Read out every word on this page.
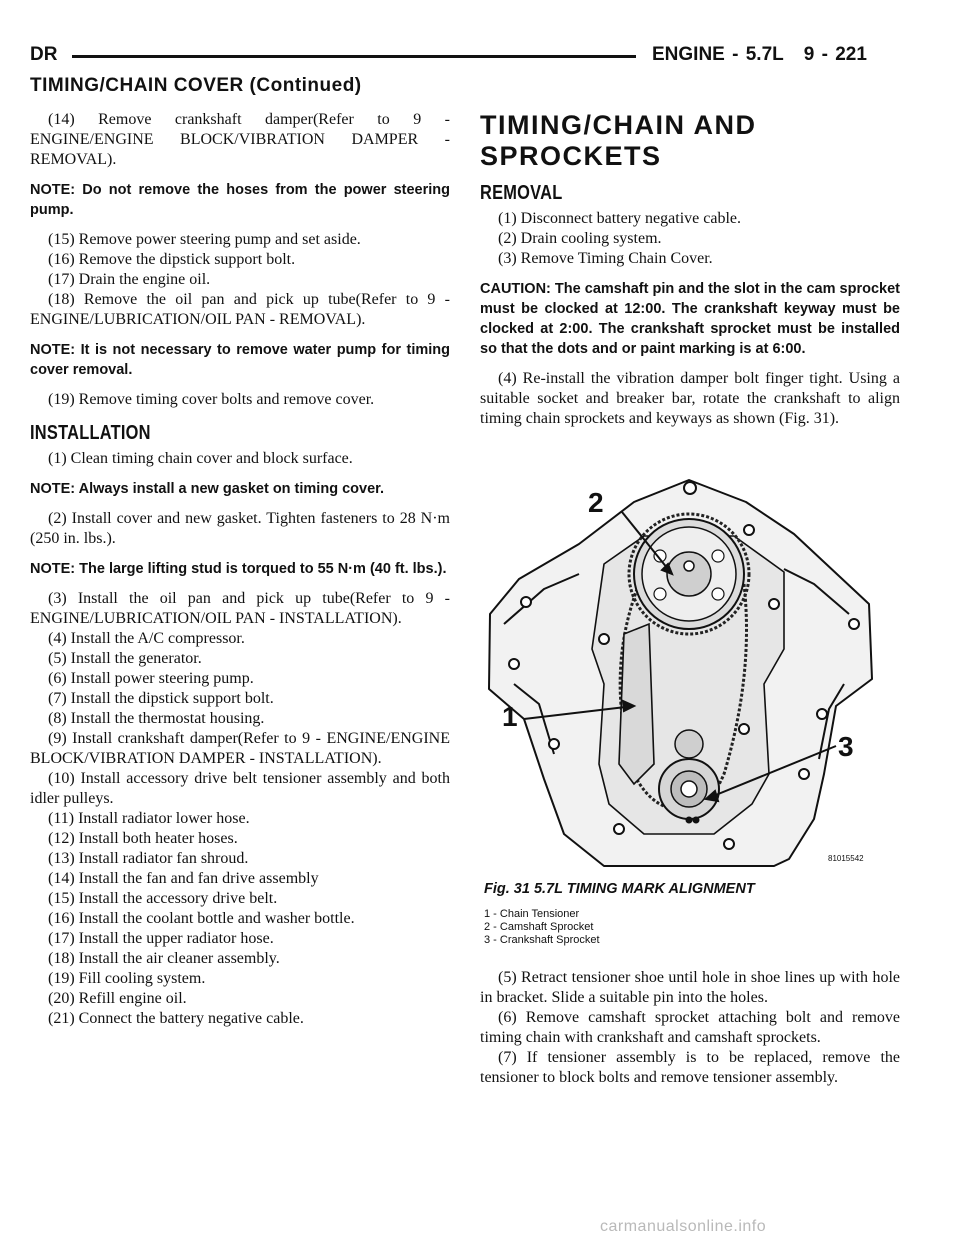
DR	ENGINE - 5.7L 9 - 221
TIMING/CHAIN COVER (Continued)

(14) Remove crankshaft damper(Refer to 9 - ENGINE/ENGINE BLOCK/VIBRATION DAMPER - REMOVAL).

NOTE: Do not remove the hoses from the power steering pump.

(15) Remove power steering pump and set aside.

(16) Remove the dipstick support bolt.

(17) Drain the engine oil.

(18) Remove the oil pan and pick up tube(Refer to 9 - ENGINE/LUBRICATION/OIL PAN - REMOVAL).

NOTE: It is not necessary to remove water pump for timing cover removal.

(19) Remove timing cover bolts and remove cover.

INSTALLATION

(1) Clean timing chain cover and block surface.

NOTE: Always install a new gasket on timing cover.

(2) Install cover and new gasket. Tighten fasteners to 28 N·m (250 in. lbs.).

NOTE: The large lifting stud is torqued to 55 N·m (40 ft. lbs.).

(3) Install the oil pan and pick up tube(Refer to 9 - ENGINE/LUBRICATION/OIL PAN - INSTALLATION).

(4) Install the A/C compressor.

(5) Install the generator.

(6) Install power steering pump.

(7) Install the dipstick support bolt.

(8) Install the thermostat housing.

(9) Install crankshaft damper(Refer to 9 - ENGINE/ENGINE BLOCK/VIBRATION DAMPER - INSTALLATION).

(10) Install accessory drive belt tensioner assembly and both idler pulleys.

(11) Install radiator lower hose.

(12) Install both heater hoses.

(13) Install radiator fan shroud.

(14) Install the fan and fan drive assembly

(15) Install the accessory drive belt.

(16) Install the coolant bottle and washer bottle.

(17) Install the upper radiator hose.

(18) Install the air cleaner assembly.

(19) Fill cooling system.

(20) Refill engine oil.

(21) Connect the battery negative cable.

TIMING/CHAIN AND
SPROCKETS
REMOVAL

(1) Disconnect battery negative cable.

(2) Drain cooling system.

(3) Remove Timing Chain Cover.

CAUTION: The camshaft pin and the slot in the cam sprocket must be clocked at 12:00. The crankshaft keyway must be clocked at 2:00. The crankshaft sprocket must be installed so that the dots and or paint marking is at 6:00.

(4) Re-install the vibration damper bolt finger tight. Using a suitable socket and breaker bar, rotate the crankshaft to align timing chain sprockets and keyways as shown (Fig. 31).

2
1
3
81015542
Fig. 31 5.7L TIMING MARK ALIGNMENT
1 - Chain Tensioner
2 - Camshaft Sprocket
3 - Crankshaft Sprocket

(5) Retract tensioner shoe until hole in shoe lines up with hole in bracket. Slide a suitable pin into the holes.

(6) Remove camshaft sprocket attaching bolt and remove timing chain with crankshaft and camshaft sprockets.

(7) If tensioner assembly is to be replaced, remove the tensioner to block bolts and remove tensioner assembly.

carmanualsonline.info
